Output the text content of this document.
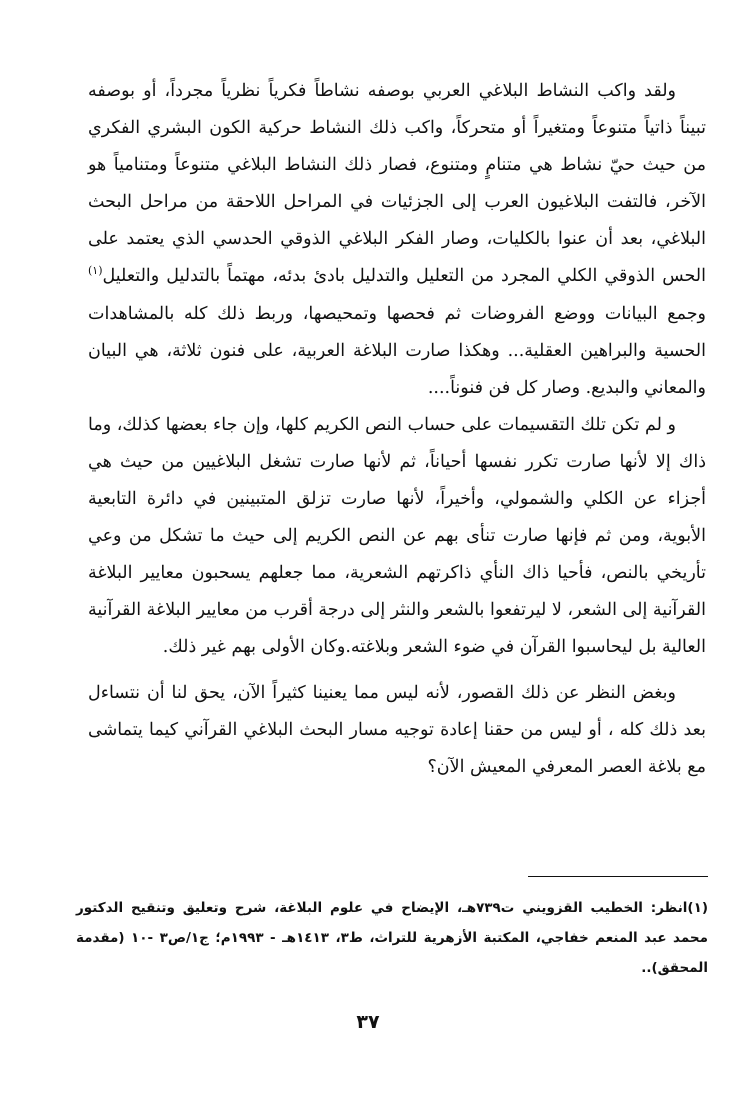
ولقد واكب النشاط البلاغي العربي بوصفه نشاطاً فكرياً نظرياً مجرداً، أو بوصفه تبيناً ذاتياً متنوعاً ومتغيراً أو متحركاً، واكب ذلك النشاط حركية الكون البشري الفكري من حيث حيّ نشاط هي متنامٍ ومتنوع، فصار ذلك النشاط البلاغي متنوعاً ومتنامياً هو الآخر، فالتفت البلاغيون العرب إلى الجزئيات في المراحل اللاحقة من مراحل البحث البلاغي، بعد أن عنوا بالكليات، وصار الفكر البلاغي الذوقي الحدسي الذي يعتمد على الحس الذوقي الكلي المجرد من التعليل والتدليل بادئ بدئه، مهتماً بالتدليل والتعليل$^{(١)}$ وجمع البيانات ووضع الفروضات ثم فحصها وتمحيصها، وربط ذلك كله بالمشاهدات الحسية والبراهين العقلية... وهكذا صارت البلاغة العربية، على فنون ثلاثة، هي البيان والمعاني والبديع. وصار كل فن فنوناً....

و لم تكن تلك التقسيمات على حساب النص الكريم كلها، وإن جاء بعضها كذلك، وما ذاك إلا لأنها صارت تكرر نفسها أحياناً، ثم لأنها صارت تشغل البلاغيين من حيث هي أجزاء عن الكلي والشمولي، وأخيراً، لأنها صارت تزلق المتبينين في دائرة التابعية الأبوية، ومن ثم فإنها صارت تنأى بهم عن النص الكريم إلى حيث ما تشكل من وعي تأريخي بالنص، فأحيا ذاك النأي ذاكرتهم الشعرية، مما جعلهم يسحبون معايير البلاغة القرآنية إلى الشعر، لا ليرتفعوا بالشعر والنثر إلى درجة أقرب من معايير البلاغة القرآنية العالية بل ليحاسبوا القرآن في ضوء الشعر وبلاغته.وكان الأولى بهم غير ذلك.

وبغض النظر عن ذلك القصور، لأنه ليس مما يعنينا كثيراً الآن، يحق لنا أن نتساءل بعد ذلك كله ، أو ليس من حقنا إعادة توجيه مسار البحث البلاغي القرآني كيما يتماشى مع بلاغة العصر المعرفي المعيش الآن؟

(١)انظر: الخطيب القزويني ت٧٣٩هـ، الإيضاح في علوم البلاغة، شرح وتعليق وتنقيح الدكتور محمد عبد المنعم خفاجي، المكتبة الأزهرية للتراث، ط٣، ١٤١٣هـ - ١٩٩٣م؛ ج١/ص٣ -١٠ (مقدمة المحقق)..

٣٧
